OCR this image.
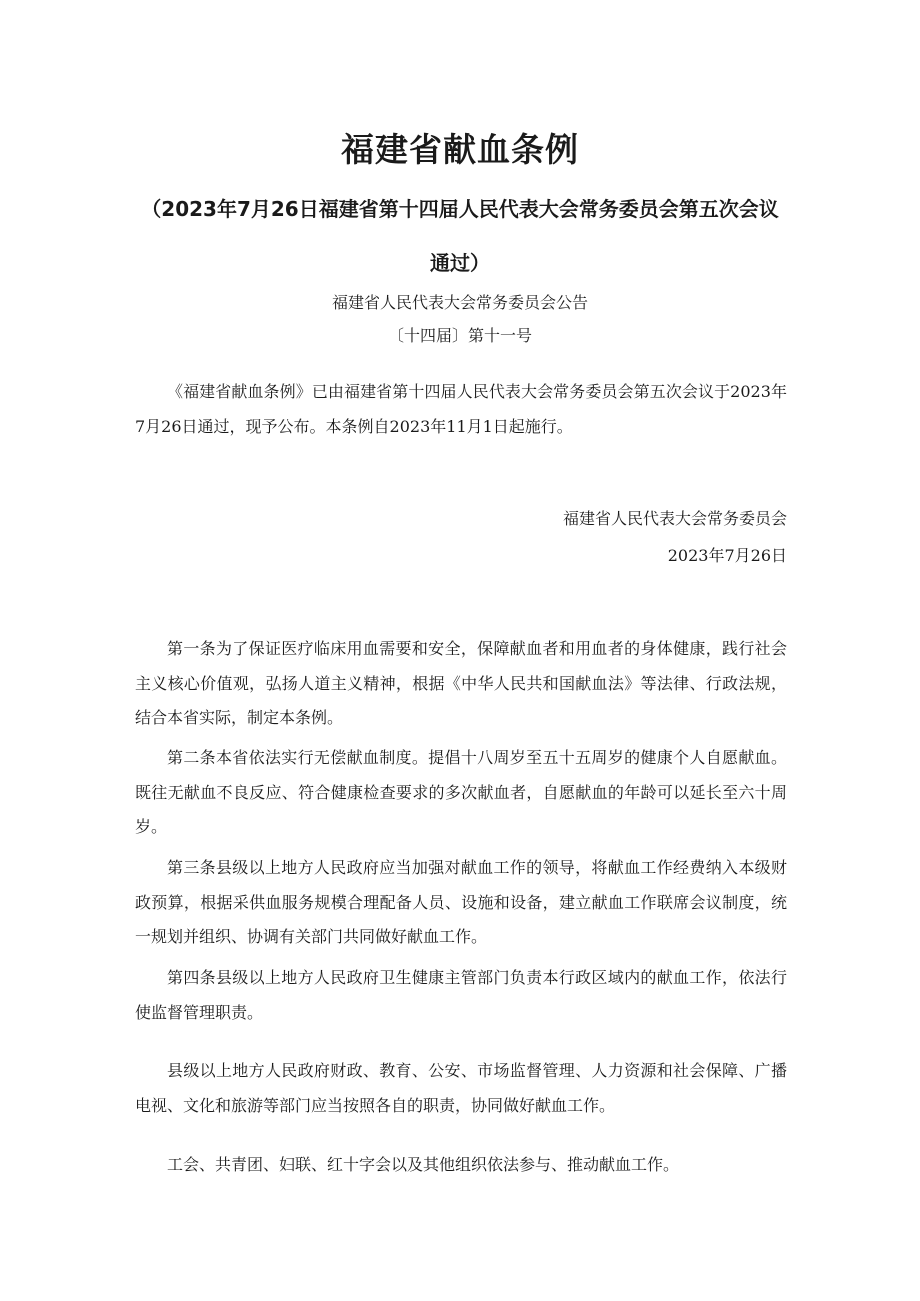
福建省献血条例
（2023年7月26日福建省第十四届人民代表大会常务委员会第五次会议通过）
福建省人民代表大会常务委员会公告
〔十四届〕第十一号
《福建省献血条例》已由福建省第十四届人民代表大会常务委员会第五次会议于2023年7月26日通过，现予公布。本条例自2023年11月1日起施行。
福建省人民代表大会常务委员会
2023年7月26日
第一条为了保证医疗临床用血需要和安全，保障献血者和用血者的身体健康，践行社会主义核心价值观，弘扬人道主义精神，根据《中华人民共和国献血法》等法律、行政法规，结合本省实际，制定本条例。
第二条本省依法实行无偿献血制度。提倡十八周岁至五十五周岁的健康个人自愿献血。既往无献血不良反应、符合健康检查要求的多次献血者，自愿献血的年龄可以延长至六十周岁。
第三条县级以上地方人民政府应当加强对献血工作的领导，将献血工作经费纳入本级财政预算，根据采供血服务规模合理配备人员、设施和设备，建立献血工作联席会议制度，统一规划并组织、协调有关部门共同做好献血工作。
第四条县级以上地方人民政府卫生健康主管部门负责本行政区域内的献血工作，依法行使监督管理职责。
县级以上地方人民政府财政、教育、公安、市场监督管理、人力资源和社会保障、广播电视、文化和旅游等部门应当按照各自的职责，协同做好献血工作。
工会、共青团、妇联、红十字会以及其他组织依法参与、推动献血工作。
